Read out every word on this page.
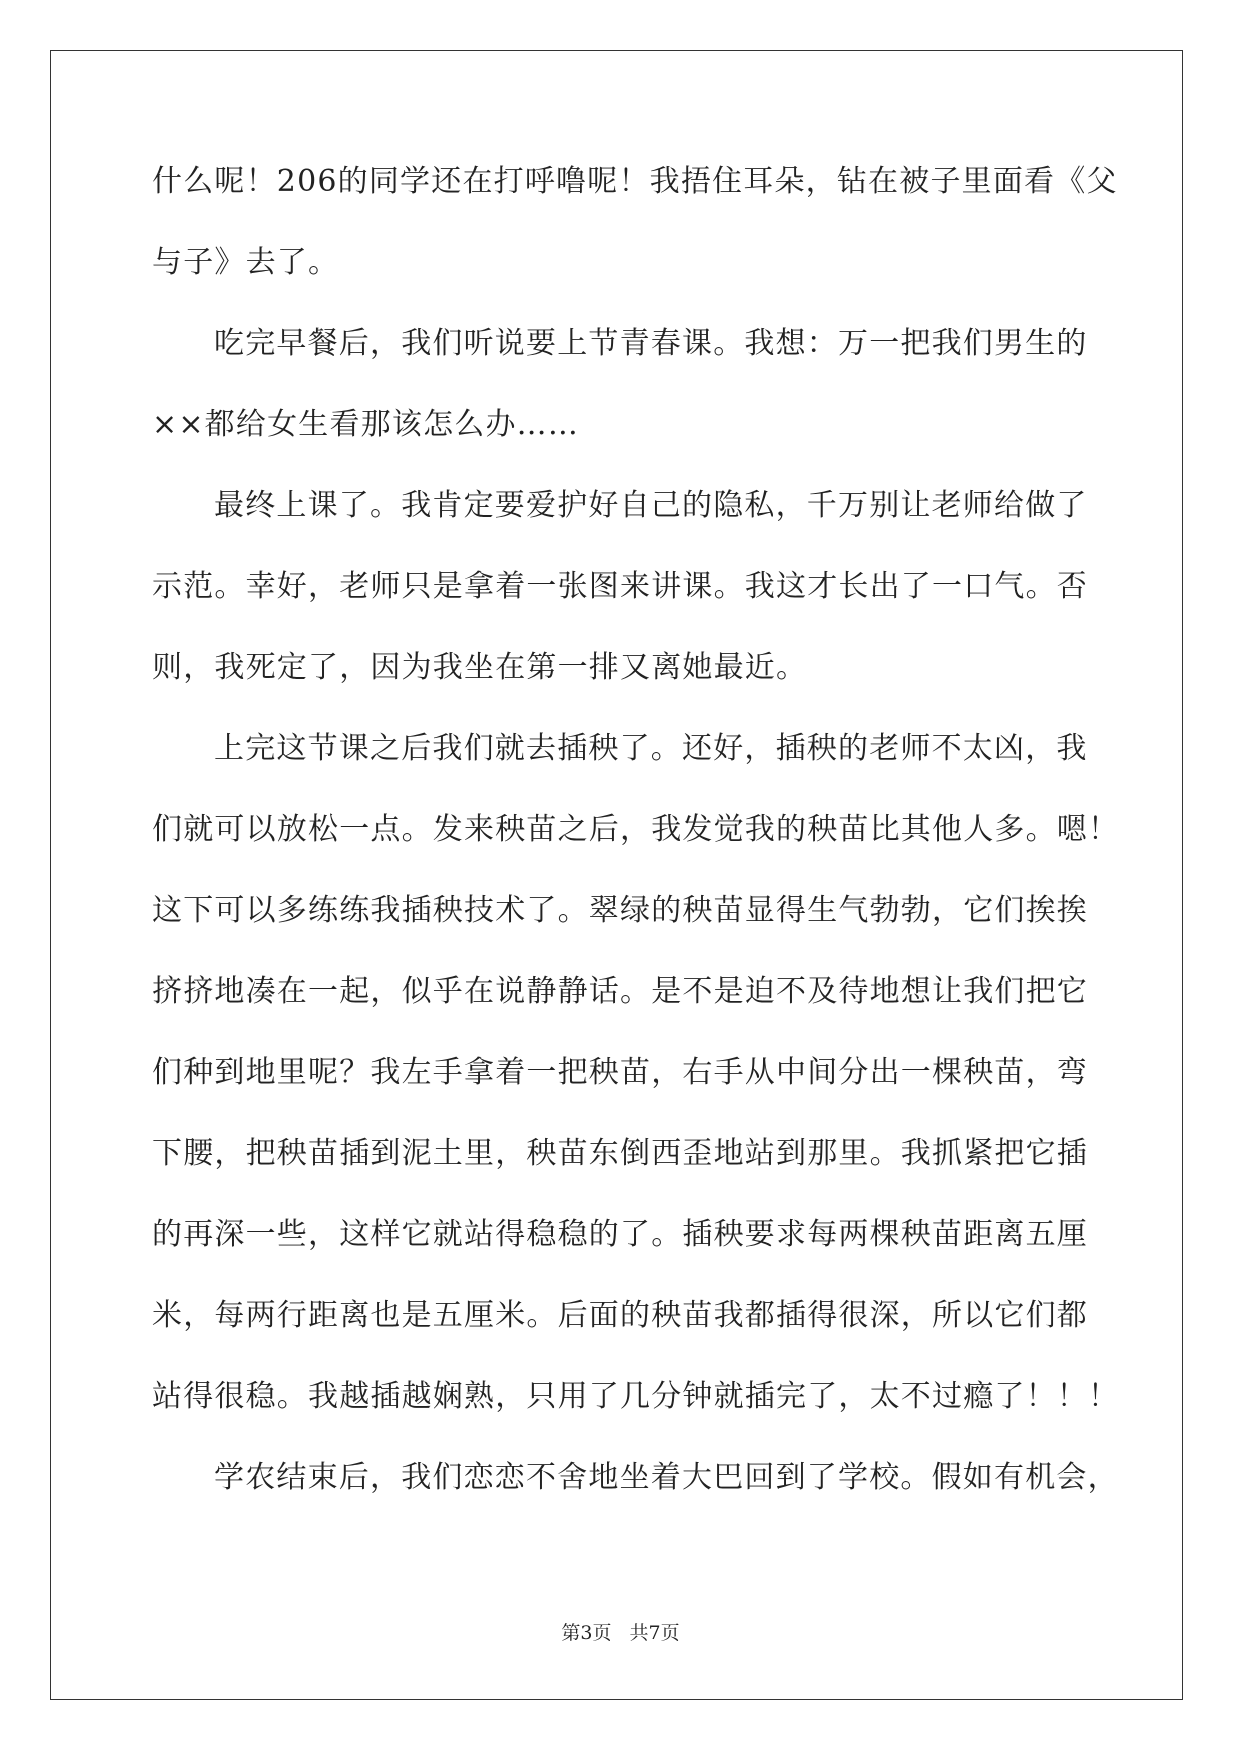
什么呢！206的同学还在打呼噜呢！我捂住耳朵，钻在被子里面看《父
与子》去了。
吃完早餐后，我们听说要上节青春课。我想：万一把我们男生的
××都给女生看那该怎么办……
最终上课了。我肯定要爱护好自己的隐私，千万别让老师给做了
示范。幸好，老师只是拿着一张图来讲课。我这才长出了一口气。否
则，我死定了，因为我坐在第一排又离她最近。
上完这节课之后我们就去插秧了。还好，插秧的老师不太凶，我
们就可以放松一点。发来秧苗之后，我发觉我的秧苗比其他人多。嗯！
这下可以多练练我插秧技术了。翠绿的秧苗显得生气勃勃，它们挨挨
挤挤地凑在一起，似乎在说静静话。是不是迫不及待地想让我们把它
们种到地里呢？我左手拿着一把秧苗，右手从中间分出一棵秧苗，弯
下腰，把秧苗插到泥土里，秧苗东倒西歪地站到那里。我抓紧把它插
的再深一些，这样它就站得稳稳的了。插秧要求每两棵秧苗距离五厘
米，每两行距离也是五厘米。后面的秧苗我都插得很深，所以它们都
站得很稳。我越插越娴熟，只用了几分钟就插完了，太不过瘾了！！！
学农结束后，我们恋恋不舍地坐着大巴回到了学校。假如有机会，
第3页 共7页
